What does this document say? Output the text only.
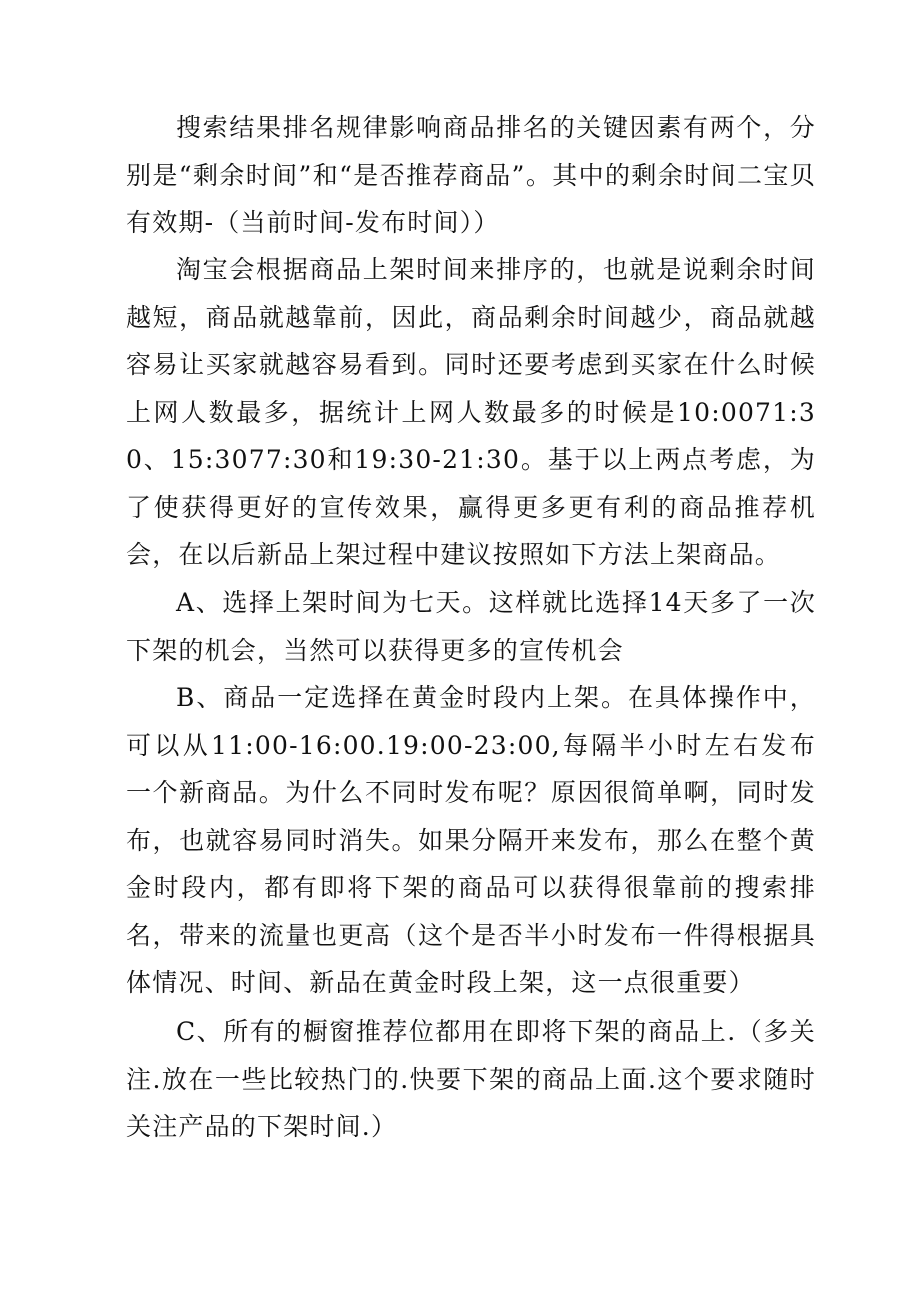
搜索结果排名规律影响商品排名的关键因素有两个，分别是“剩余时间”和“是否推荐商品”。其中的剩余时间二宝贝有效期-（当前时间-发布时间））

淘宝会根据商品上架时间来排序的，也就是说剩余时间越短，商品就越靠前，因此，商品剩余时间越少，商品就越容易让买家就越容易看到。同时还要考虑到买家在什么时候上网人数最多，据统计上网人数最多的时候是10:0071:30、15:3077:30和19:30-21:30。基于以上两点考虑，为了使获得更好的宣传效果，赢得更多更有利的商品推荐机会，在以后新品上架过程中建议按照如下方法上架商品。

A、选择上架时间为七天。这样就比选择14天多了一次下架的机会，当然可以获得更多的宣传机会

B、商品一定选择在黄金时段内上架。在具体操作中，可以从11:00-16:00.19:00-23:00,每隔半小时左右发布一个新商品。为什么不同时发布呢？原因很简单啊，同时发布，也就容易同时消失。如果分隔开来发布，那么在整个黄金时段内，都有即将下架的商品可以获得很靠前的搜索排名，带来的流量也更高（这个是否半小时发布一件得根据具体情况、时间、新品在黄金时段上架，这一点很重要）

C、所有的橱窗推荐位都用在即将下架的商品上.（多关注.放在一些比较热门的.快要下架的商品上面.这个要求随时关注产品的下架时间.）
